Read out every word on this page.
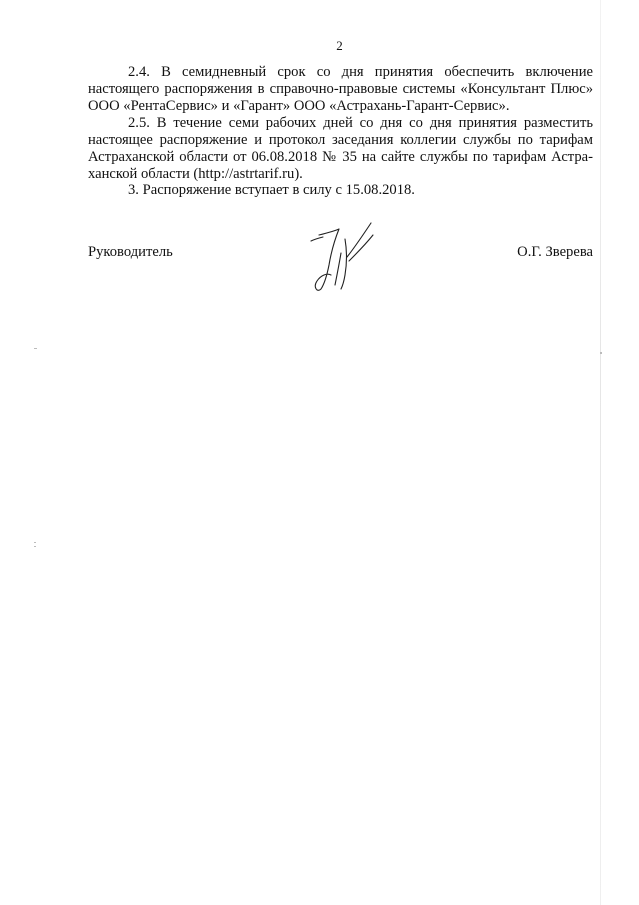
2
2.4. В семидневный срок со дня принятия обеспечить включение
настоящего распоряжения в справочно-правовые системы «Консультант Плюс»
ООО «РентаСервис» и «Гарант» ООО «Астрахань-Гарант-Сервис».
2.5. В течение семи рабочих дней со дня со дня принятия разместить
настоящее распоряжение и протокол заседания коллегии службы по тарифам
Астраханской области от 06.08.2018 № 35 на сайте службы по тарифам Астра-
ханской области (http://astrtarif.ru).
3. Распоряжение вступает в силу с 15.08.2018.
Руководитель	О.Г. Зверева
